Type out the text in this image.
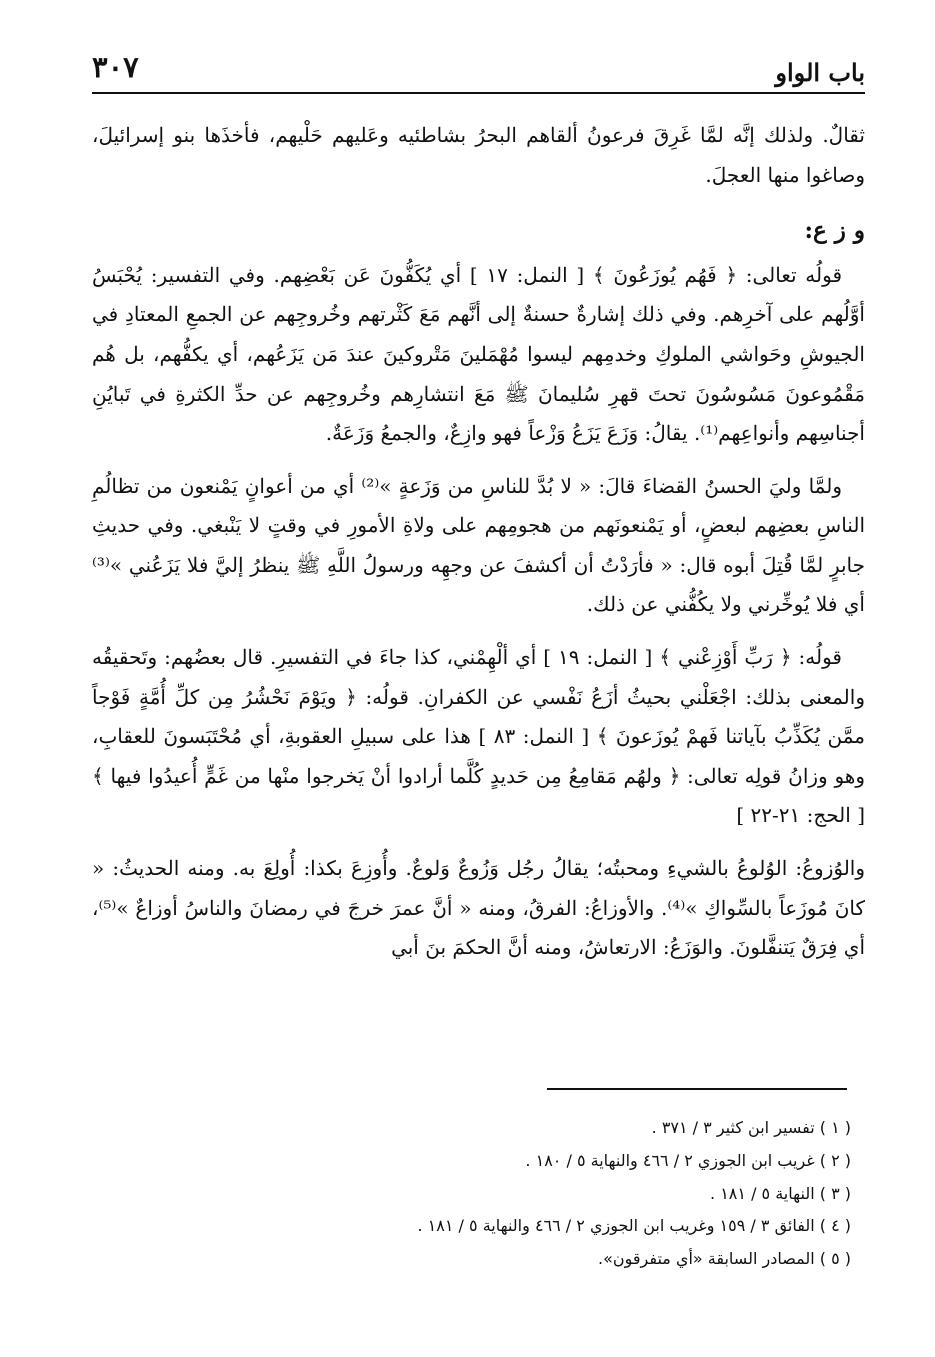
باب الواو
٣٠٧

ثقالٌ. ولذلك إنَّه لمَّا غَرِقَ فرعونُ ألقاهم البحرُ بشاطئيه وعَليهم حَلْيهم، فأخذَها بنو إسرائيلَ، وصاغوا منها العجلَ.

و ز ع:

قولُه تعالى: ﴿ فَهُم يُوزَعُونَ ﴾ [ النمل: ١٧ ] أي يُكَفُّونَ عَن بَعْضِهم. وفي التفسير: يُحْبَسُ أوَّلُهم على آخرِهم. وفي ذلك إشارةٌ حسنةٌ إلى أنَّهم مَعَ كَثْرتهم وخُروجِهم عن الجمعِ المعتادِ في الجيوشِ وحَواشي الملوكِ وخدمِهم ليسوا مُهْمَلينَ مَتْروكينَ عندَ مَن يَزَعُهم، أي يكفُّهم، بل هُم مَقْمُوعونَ مَسُوسُونَ تحتَ قهرِ سُليمانَ ﷺ مَعَ انتشارِهم وخُروجِهم عن حدِّ الكثرةِ في تَبايُنِ أجناسِهم وأنواعِهم⁽¹⁾. يقالُ: وَزَعَ يَزَعُ وَزْعاً فهو وازِعٌ، والجمعُ وَزَعَةٌ.

ولمَّا وليَ الحسنُ القضاءَ قالَ: « لا بُدَّ للناسِ من وَزَعةٍ »⁽²⁾ أي من أعوانٍ يَمْنعون من تظالُمِ الناسِ بعضِهم لبعضٍ، أو يَمْنعونَهم من هجومِهم على ولاةِ الأمورِ في وقتٍ لا يَنْبغي. وفي حديثِ جابرٍ لمَّا قُتِلَ أبوه قال: « فأرَدْتُ أن أكشفَ عن وجهِه ورسولُ اللَّهِ ﷺ ينظرُ إليَّ فلا يَزَعُني »⁽³⁾ أي فلا يُوخِّرني ولا يكُفُّني عن ذلك.

قولُه: ﴿ رَبِّ أَوْزِعْني ﴾ [ النمل: ١٩ ] أي ألْهِمْني، كذا جاءَ في التفسيرِ. قال بعضُهم: وتَحقيقُه والمعنى بذلك: اجْعَلْني بحيثُ أزَعُ نَفْسي عن الكفرانِ. قولُه: ﴿ ويَوْمَ نَحْشُرُ مِن كلِّ أُمَّةٍ فَوْجاً ممَّن يُكَذِّبُ بآياتنا فَهمْ يُوزَعونَ ﴾ [ النمل: ٨٣ ] هذا على سبيلِ العقوبةِ، أي مُحْتَبَسونَ للعقابِ، وهو وزانُ قولِه تعالى: ﴿ ولهُم مَقامِعُ مِن حَديدٍ كُلَّما أرادوا أنْ يَخرجوا منْها من غَمٍّ أُعيدُوا فيها ﴾ [ الحج: ٢١-٢٢ ]

والوُزوعُ: الوُلوعُ بالشيءِ ومحبتُه؛ يقالُ رجُل وَزُوعٌ وَلوعٌ. وأُوزِعَ بكذا: أُولِعَ به. ومنه الحديثُ: « كانَ مُوزَعاً بالسِّواكِ »⁽⁴⁾. والأوزاعُ: الفرقُ، ومنه « أنَّ عمرَ خرجَ في رمضانَ والناسُ أوزاعٌ »⁽⁵⁾، أي فِرَقٌ يَتنفَّلونَ. والوَزَعُ: الارتعاشُ، ومنه أنَّ الحكمَ بنَ أبي

( ١ ) تفسير ابن كثير ٣ / ٣٧١ .
( ٢ ) غريب ابن الجوزي ٢ / ٤٦٦ والنهاية ٥ / ١٨٠ .
( ٣ ) النهاية ٥ / ١٨١ .
( ٤ ) الفائق ٣ / ١٥٩ وغريب ابن الجوزي ٢ / ٤٦٦ والنهاية ٥ / ١٨١ .
( ٥ ) المصادر السابقة «أي متفرقون».
